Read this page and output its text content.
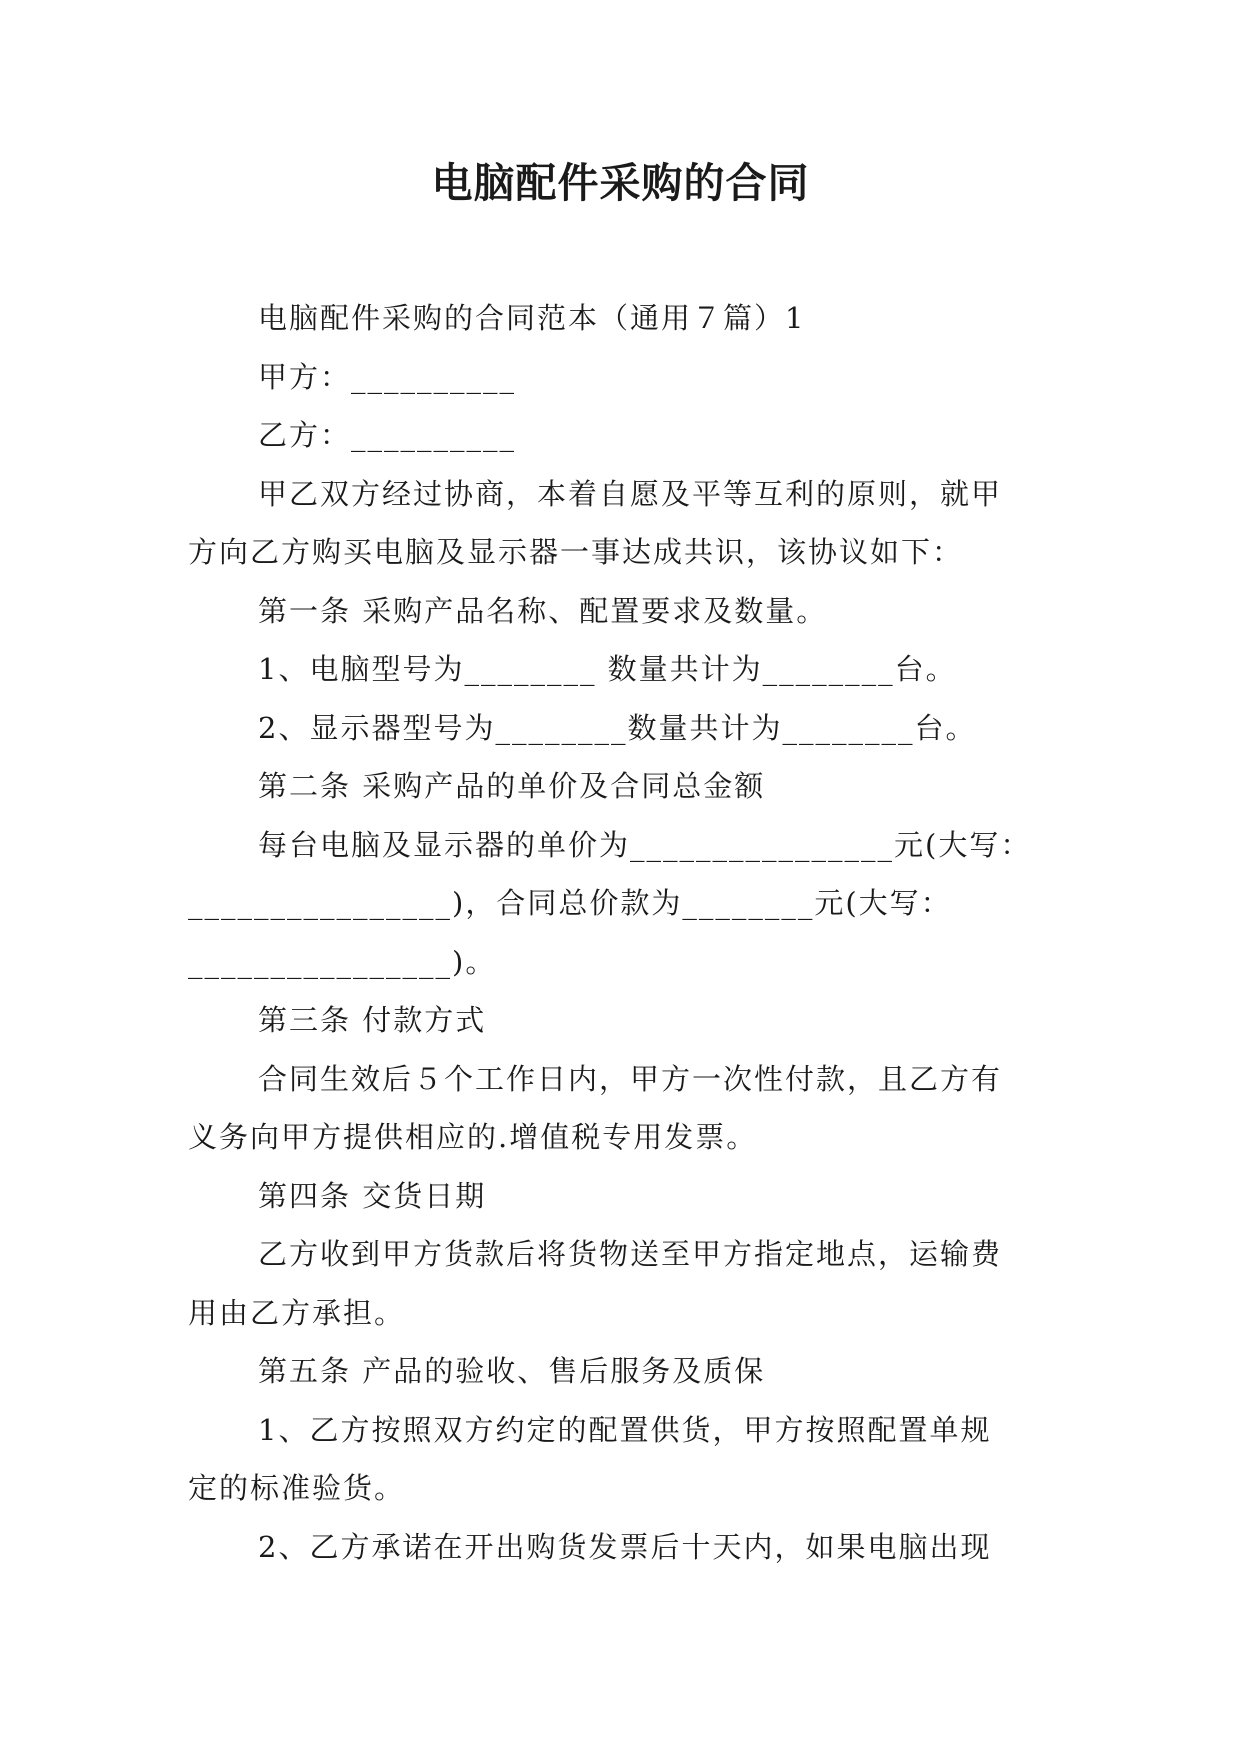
电脑配件采购的合同
电脑配件采购的合同范本（通用７篇）1
甲方：__________
乙方：__________
甲乙双方经过协商，本着自愿及平等互利的原则，就甲
方向乙方购买电脑及显示器一事达成共识，该协议如下：
第一条 采购产品名称、配置要求及数量。
1、电脑型号为________ 数量共计为________台。
2、显示器型号为________数量共计为________台。
第二条 采购产品的单价及合同总金额
每台电脑及显示器的单价为________________元(大写：
________________)，合同总价款为________元(大写：
________________)。
第三条 付款方式
合同生效后５个工作日内，甲方一次性付款，且乙方有
义务向甲方提供相应的.增值税专用发票。
第四条 交货日期
乙方收到甲方货款后将货物送至甲方指定地点，运输费
用由乙方承担。
第五条 产品的验收、售后服务及质保
1、乙方按照双方约定的配置供货，甲方按照配置单规
定的标准验货。
2、乙方承诺在开出购货发票后十天内，如果电脑出现
